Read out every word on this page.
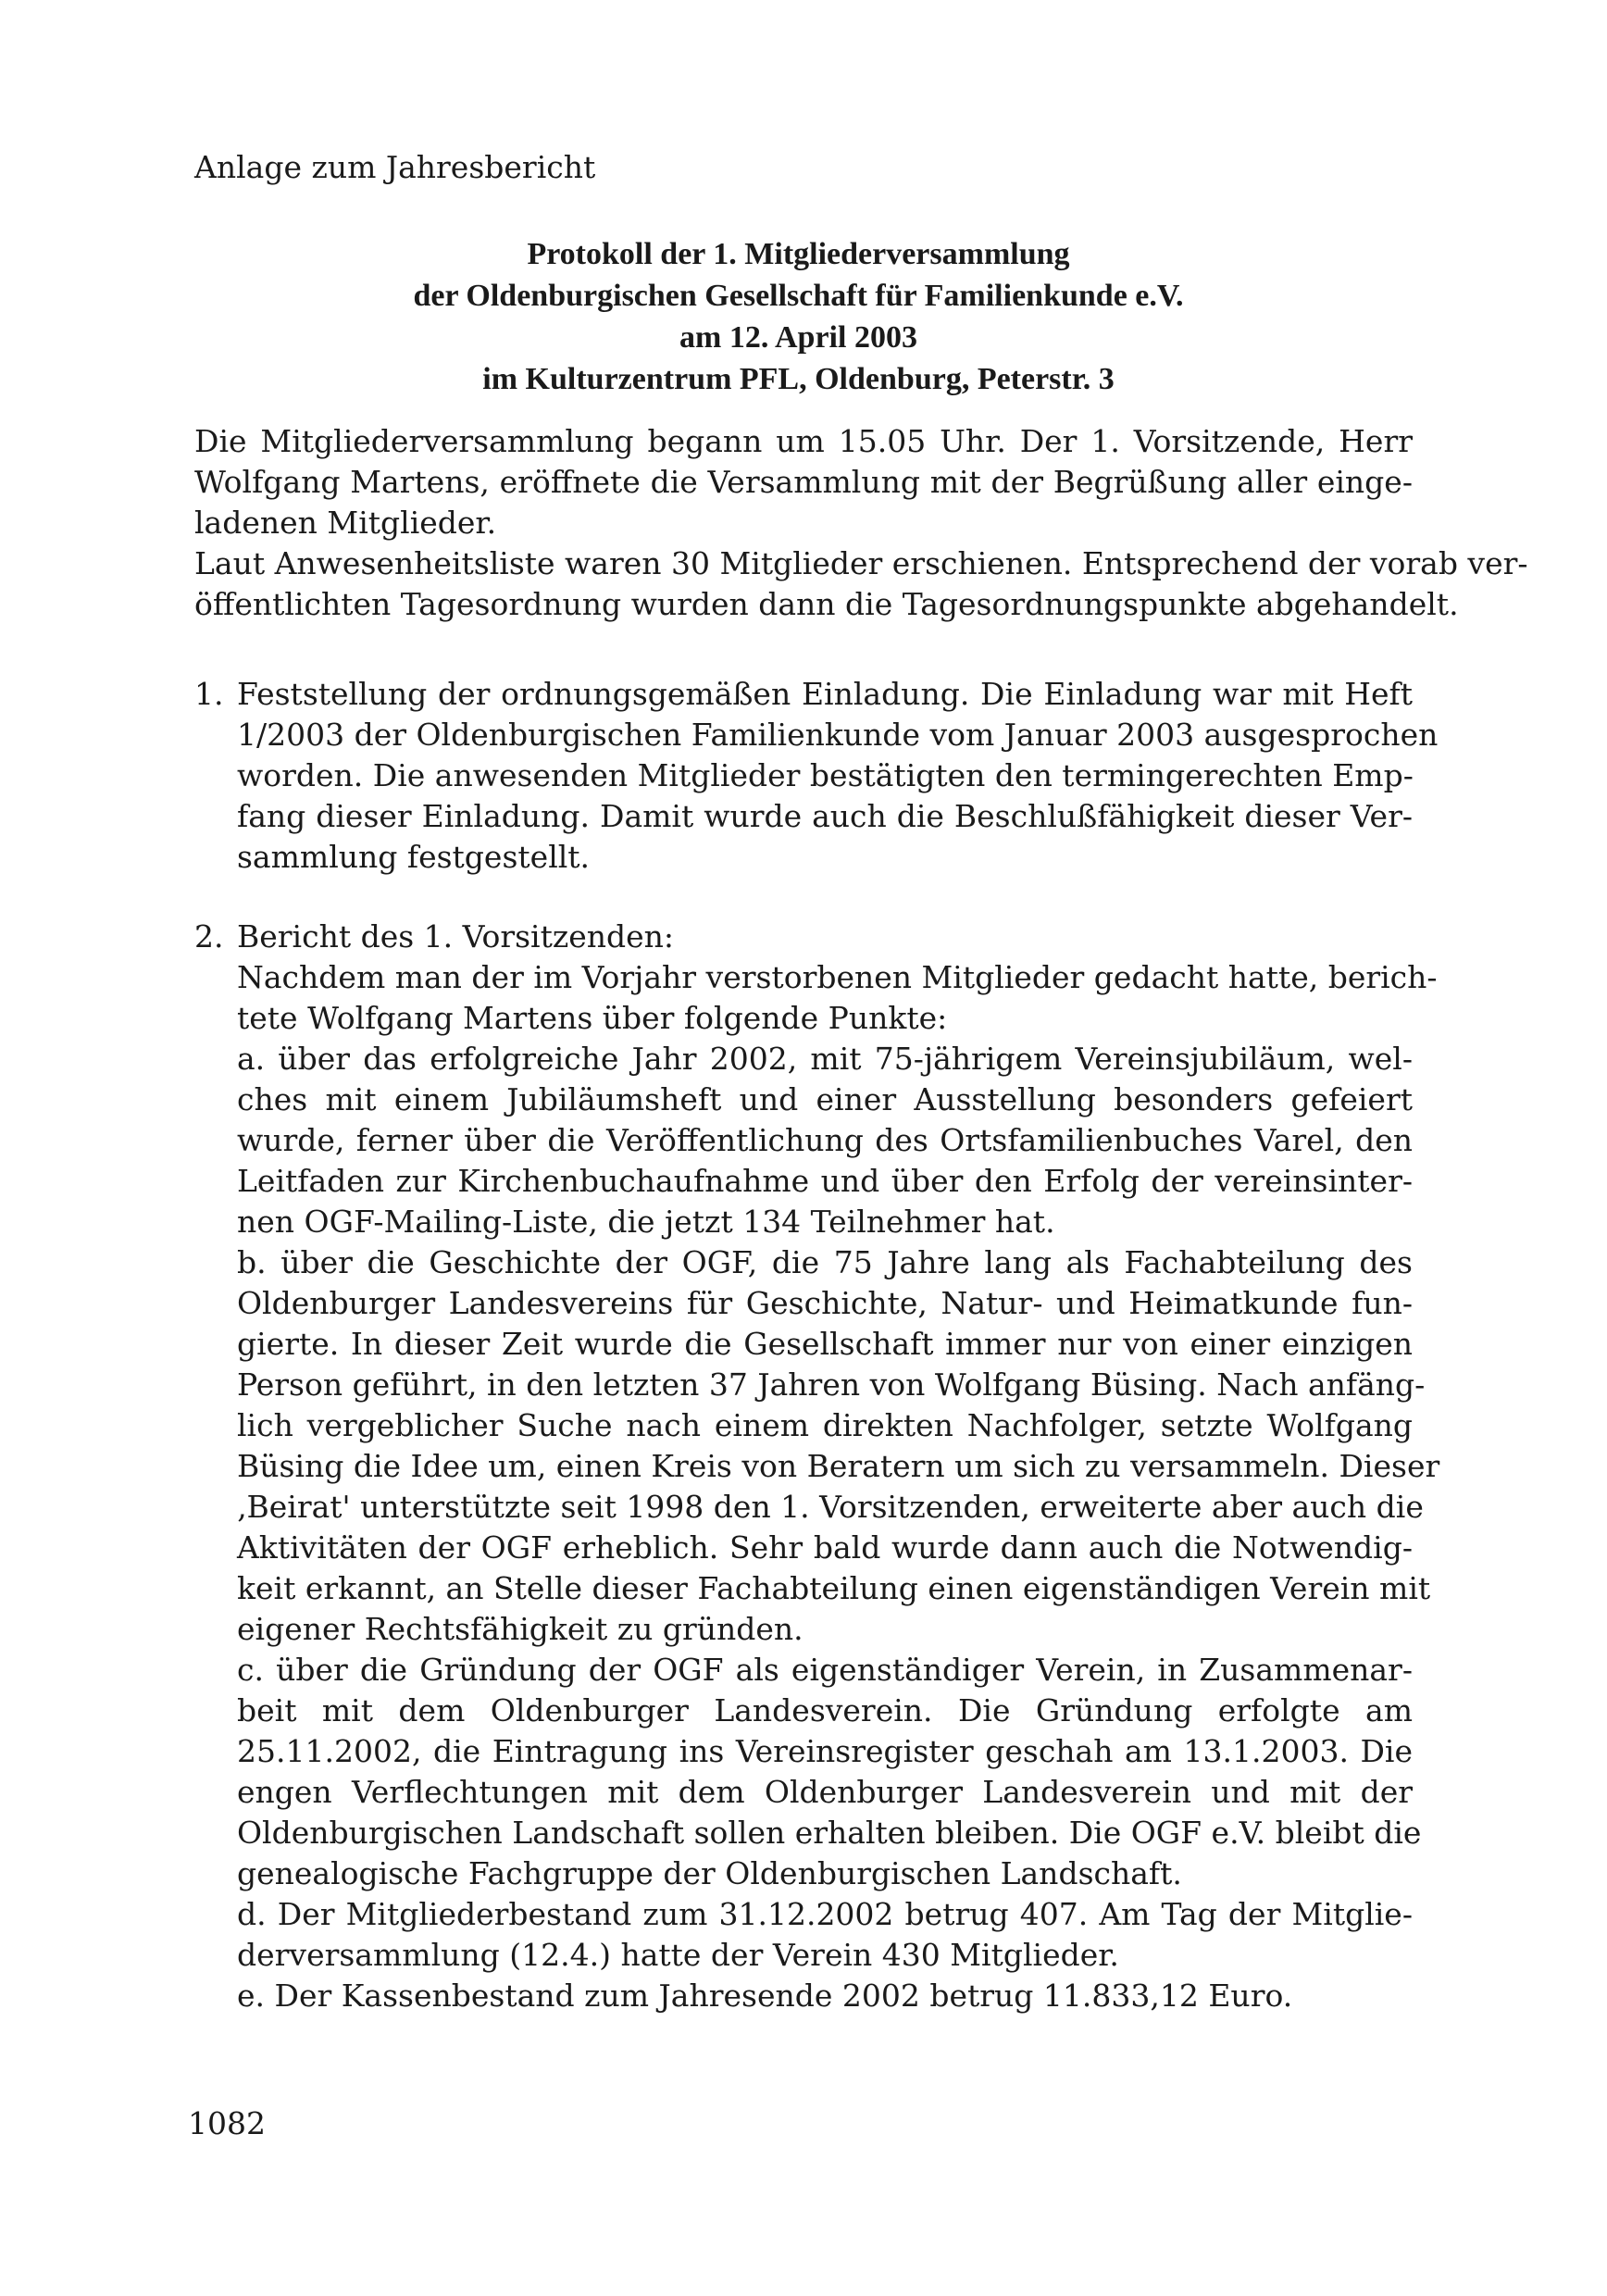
Anlage zum Jahresbericht
Protokoll der 1. Mitgliederversammlung
der Oldenburgischen Gesellschaft für Familienkunde e.V.
am 12. April 2003
im Kulturzentrum PFL, Oldenburg, Peterstr. 3
Die Mitgliederversammlung begann um 15.05 Uhr. Der 1. Vorsitzende, Herr
Wolfgang Martens, eröffnete die Versammlung mit der Begrüßung aller einge-
ladenen Mitglieder.
Laut Anwesenheitsliste waren 30 Mitglieder erschienen. Entsprechend der vorab ver-
öffentlichten Tagesordnung wurden dann die Tagesordnungspunkte abgehandelt.
1. Feststellung der ordnungsgemäßen Einladung. Die Einladung war mit Heft
1/2003 der Oldenburgischen Familienkunde vom Januar 2003 ausgesprochen
worden. Die anwesenden Mitglieder bestätigten den termingerechten Emp-
fang dieser Einladung. Damit wurde auch die Beschlußfähigkeit dieser Ver-
sammlung festgestellt.
2. Bericht des 1. Vorsitzenden:
Nachdem man der im Vorjahr verstorbenen Mitglieder gedacht hatte, berich-
tete Wolfgang Martens über folgende Punkte:
a. über das erfolgreiche Jahr 2002, mit 75-jährigem Vereinsjubiläum, wel-
ches mit einem Jubiläumsheft und einer Ausstellung besonders gefeiert
wurde, ferner über die Veröffentlichung des Ortsfamilienbuches Varel, den
Leitfaden zur Kirchenbuchaufnahme und über den Erfolg der vereinsinter-
nen OGF-Mailing-Liste, die jetzt 134 Teilnehmer hat.
b. über die Geschichte der OGF, die 75 Jahre lang als Fachabteilung des
Oldenburger Landesvereins für Geschichte, Natur- und Heimatkunde fun-
gierte. In dieser Zeit wurde die Gesellschaft immer nur von einer einzigen
Person geführt, in den letzten 37 Jahren von Wolfgang Büsing. Nach anfäng-
lich vergeblicher Suche nach einem direkten Nachfolger, setzte Wolfgang
Büsing die Idee um, einen Kreis von Beratern um sich zu versammeln. Dieser
‚Beirat' unterstützte seit 1998 den 1. Vorsitzenden, erweiterte aber auch die
Aktivitäten der OGF erheblich. Sehr bald wurde dann auch die Notwendig-
keit erkannt, an Stelle dieser Fachabteilung einen eigenständigen Verein mit
eigener Rechtsfähigkeit zu gründen.
c. über die Gründung der OGF als eigenständiger Verein, in Zusammenar-
beit mit dem Oldenburger Landesverein. Die Gründung erfolgte am
25.11.2002, die Eintragung ins Vereinsregister geschah am 13.1.2003. Die
engen Verflechtungen mit dem Oldenburger Landesverein und mit der
Oldenburgischen Landschaft sollen erhalten bleiben. Die OGF e.V. bleibt die
genealogische Fachgruppe der Oldenburgischen Landschaft.
d. Der Mitgliederbestand zum 31.12.2002 betrug 407. Am Tag der Mitglie-
derversammlung (12.4.) hatte der Verein 430 Mitglieder.
e. Der Kassenbestand zum Jahresende 2002 betrug 11.833,12 Euro.
1082
